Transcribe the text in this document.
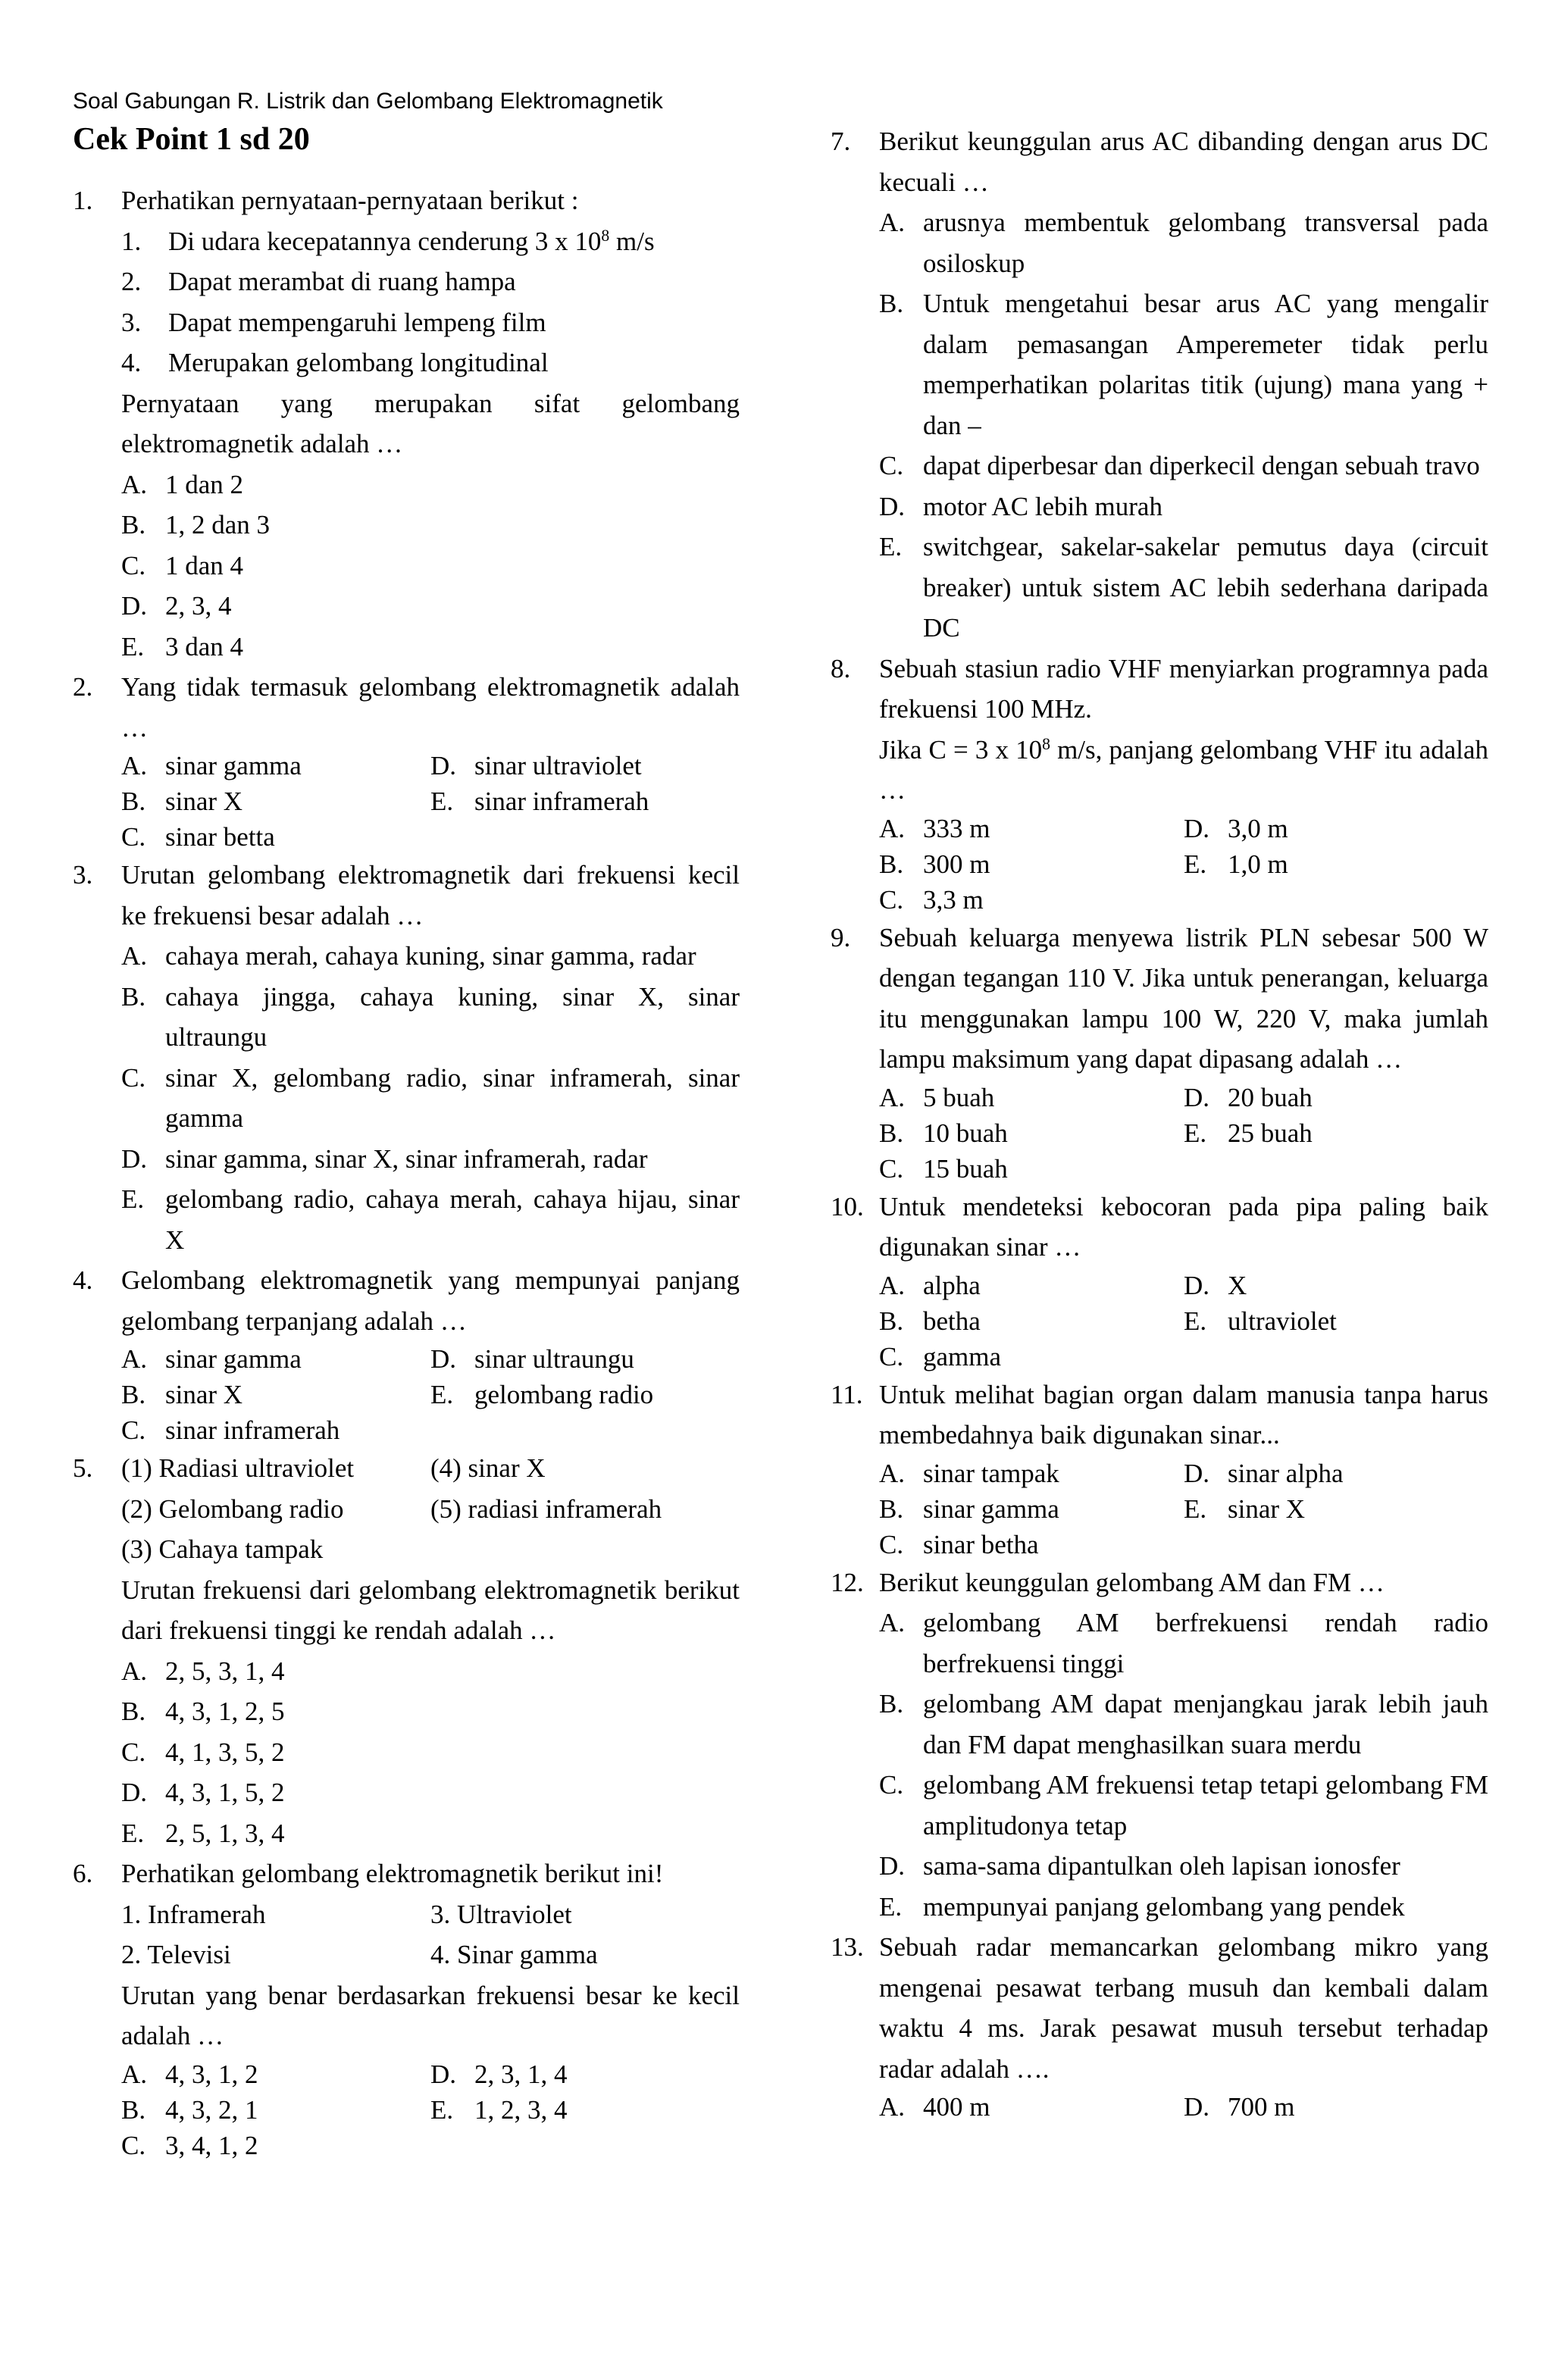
Soal Gabungan R. Listrik dan Gelombang Elektromagnetik

Cek Point 1 sd 20

1.	Perhatikan pernyataan-pernyataan berikut :
1.	Di udara kecepatannya cenderung 3 x $10^8$ m/s
2.	Dapat merambat di ruang hampa
3.	Dapat mempengaruhi lempeng film
4.	Merupakan gelombang longitudinal
Pernyataan yang merupakan sifat gelombang elektromagnetik adalah …
A. 1 dan 2
B. 1, 2 dan 3
C. 1 dan 4
D. 2, 3, 4
E. 3 dan 4
2.	Yang tidak termasuk gelombang elektromagnetik adalah …
A. sinar gamma	D. sinar ultraviolet
B. sinar X	E. sinar inframerah
C. sinar betta
3.	Urutan gelombang elektromagnetik dari frekuensi kecil ke frekuensi besar adalah …
A. cahaya merah, cahaya kuning, sinar gamma, radar
B. cahaya jingga, cahaya kuning, sinar X, sinar ultraungu
C. sinar X, gelombang radio, sinar inframerah, sinar gamma
D. sinar gamma, sinar X, sinar inframerah, radar
E. gelombang radio, cahaya merah, cahaya hijau, sinar X
4.	Gelombang elektromagnetik yang mempunyai panjang gelombang terpanjang adalah …
A. sinar gamma	D. sinar ultraungu
B. sinar X	E. gelombang radio
C. sinar inframerah
5.	(1) Radiasi ultraviolet	(4) sinar X
(2) Gelombang radio	(5) radiasi inframerah
(3) Cahaya tampak
Urutan frekuensi dari gelombang elektromagnetik berikut dari frekuensi tinggi ke rendah adalah …
A. 2, 5, 3, 1, 4
B. 4, 3, 1, 2, 5
C. 4, 1, 3, 5, 2
D. 4, 3, 1, 5, 2
E. 2, 5, 1, 3, 4
6.	Perhatikan gelombang elektromagnetik berikut ini!
1. Inframerah	3. Ultraviolet
2. Televisi	4. Sinar gamma
Urutan yang benar berdasarkan frekuensi besar ke kecil adalah …
A. 4, 3, 1, 2	D. 2, 3, 1, 4
B. 4, 3, 2, 1	E. 1, 2, 3, 4
C. 3, 4, 1, 2
7.	Berikut keunggulan arus AC dibanding dengan arus DC kecuali …
A. arusnya membentuk gelombang transversal pada osiloskup
B. Untuk mengetahui besar arus AC yang mengalir dalam pemasangan Amperemeter tidak perlu memperhatikan polaritas titik (ujung) mana yang + dan –
C. dapat diperbesar dan diperkecil dengan sebuah travo
D. motor AC lebih murah
E. switchgear, sakelar-sakelar pemutus daya (circuit breaker) untuk sistem AC lebih sederhana daripada DC
8.	Sebuah stasiun radio VHF menyiarkan programnya pada frekuensi 100 MHz.
Jika C = 3 x $10^8$ m/s, panjang gelombang VHF itu adalah …
A. 333 m	D. 3,0 m
B. 300 m	E. 1,0 m
C. 3,3 m
9.	Sebuah keluarga menyewa listrik PLN sebesar 500 W dengan tegangan 110 V. Jika untuk penerangan, keluarga itu menggunakan lampu 100 W, 220 V, maka jumlah lampu maksimum yang dapat dipasang adalah …
A. 5 buah	D. 20 buah
B. 10 buah	E. 25 buah
C. 15 buah
10. Untuk mendeteksi kebocoran pada pipa paling baik digunakan sinar …
A. alpha	D. X
B. betha	E. ultraviolet
C. gamma
11. Untuk melihat bagian organ dalam manusia tanpa harus membedahnya baik digunakan sinar...
A. sinar tampak	D. sinar alpha
B. sinar gamma	E. sinar X
C. sinar betha
12. Berikut keunggulan gelombang AM dan FM …
A. gelombang AM berfrekuensi rendah radio berfrekuensi tinggi
B. gelombang AM dapat menjangkau jarak lebih jauh dan FM dapat menghasilkan suara merdu
C. gelombang AM frekuensi tetap tetapi gelombang FM amplitudonya tetap
D. sama-sama dipantulkan oleh lapisan ionosfer
E. mempunyai panjang gelombang yang pendek
13. Sebuah radar memancarkan gelombang mikro yang mengenai pesawat terbang musuh dan kembali dalam waktu 4 ms. Jarak pesawat musuh tersebut terhadap radar adalah ….
A. 400 m	D. 700 m
